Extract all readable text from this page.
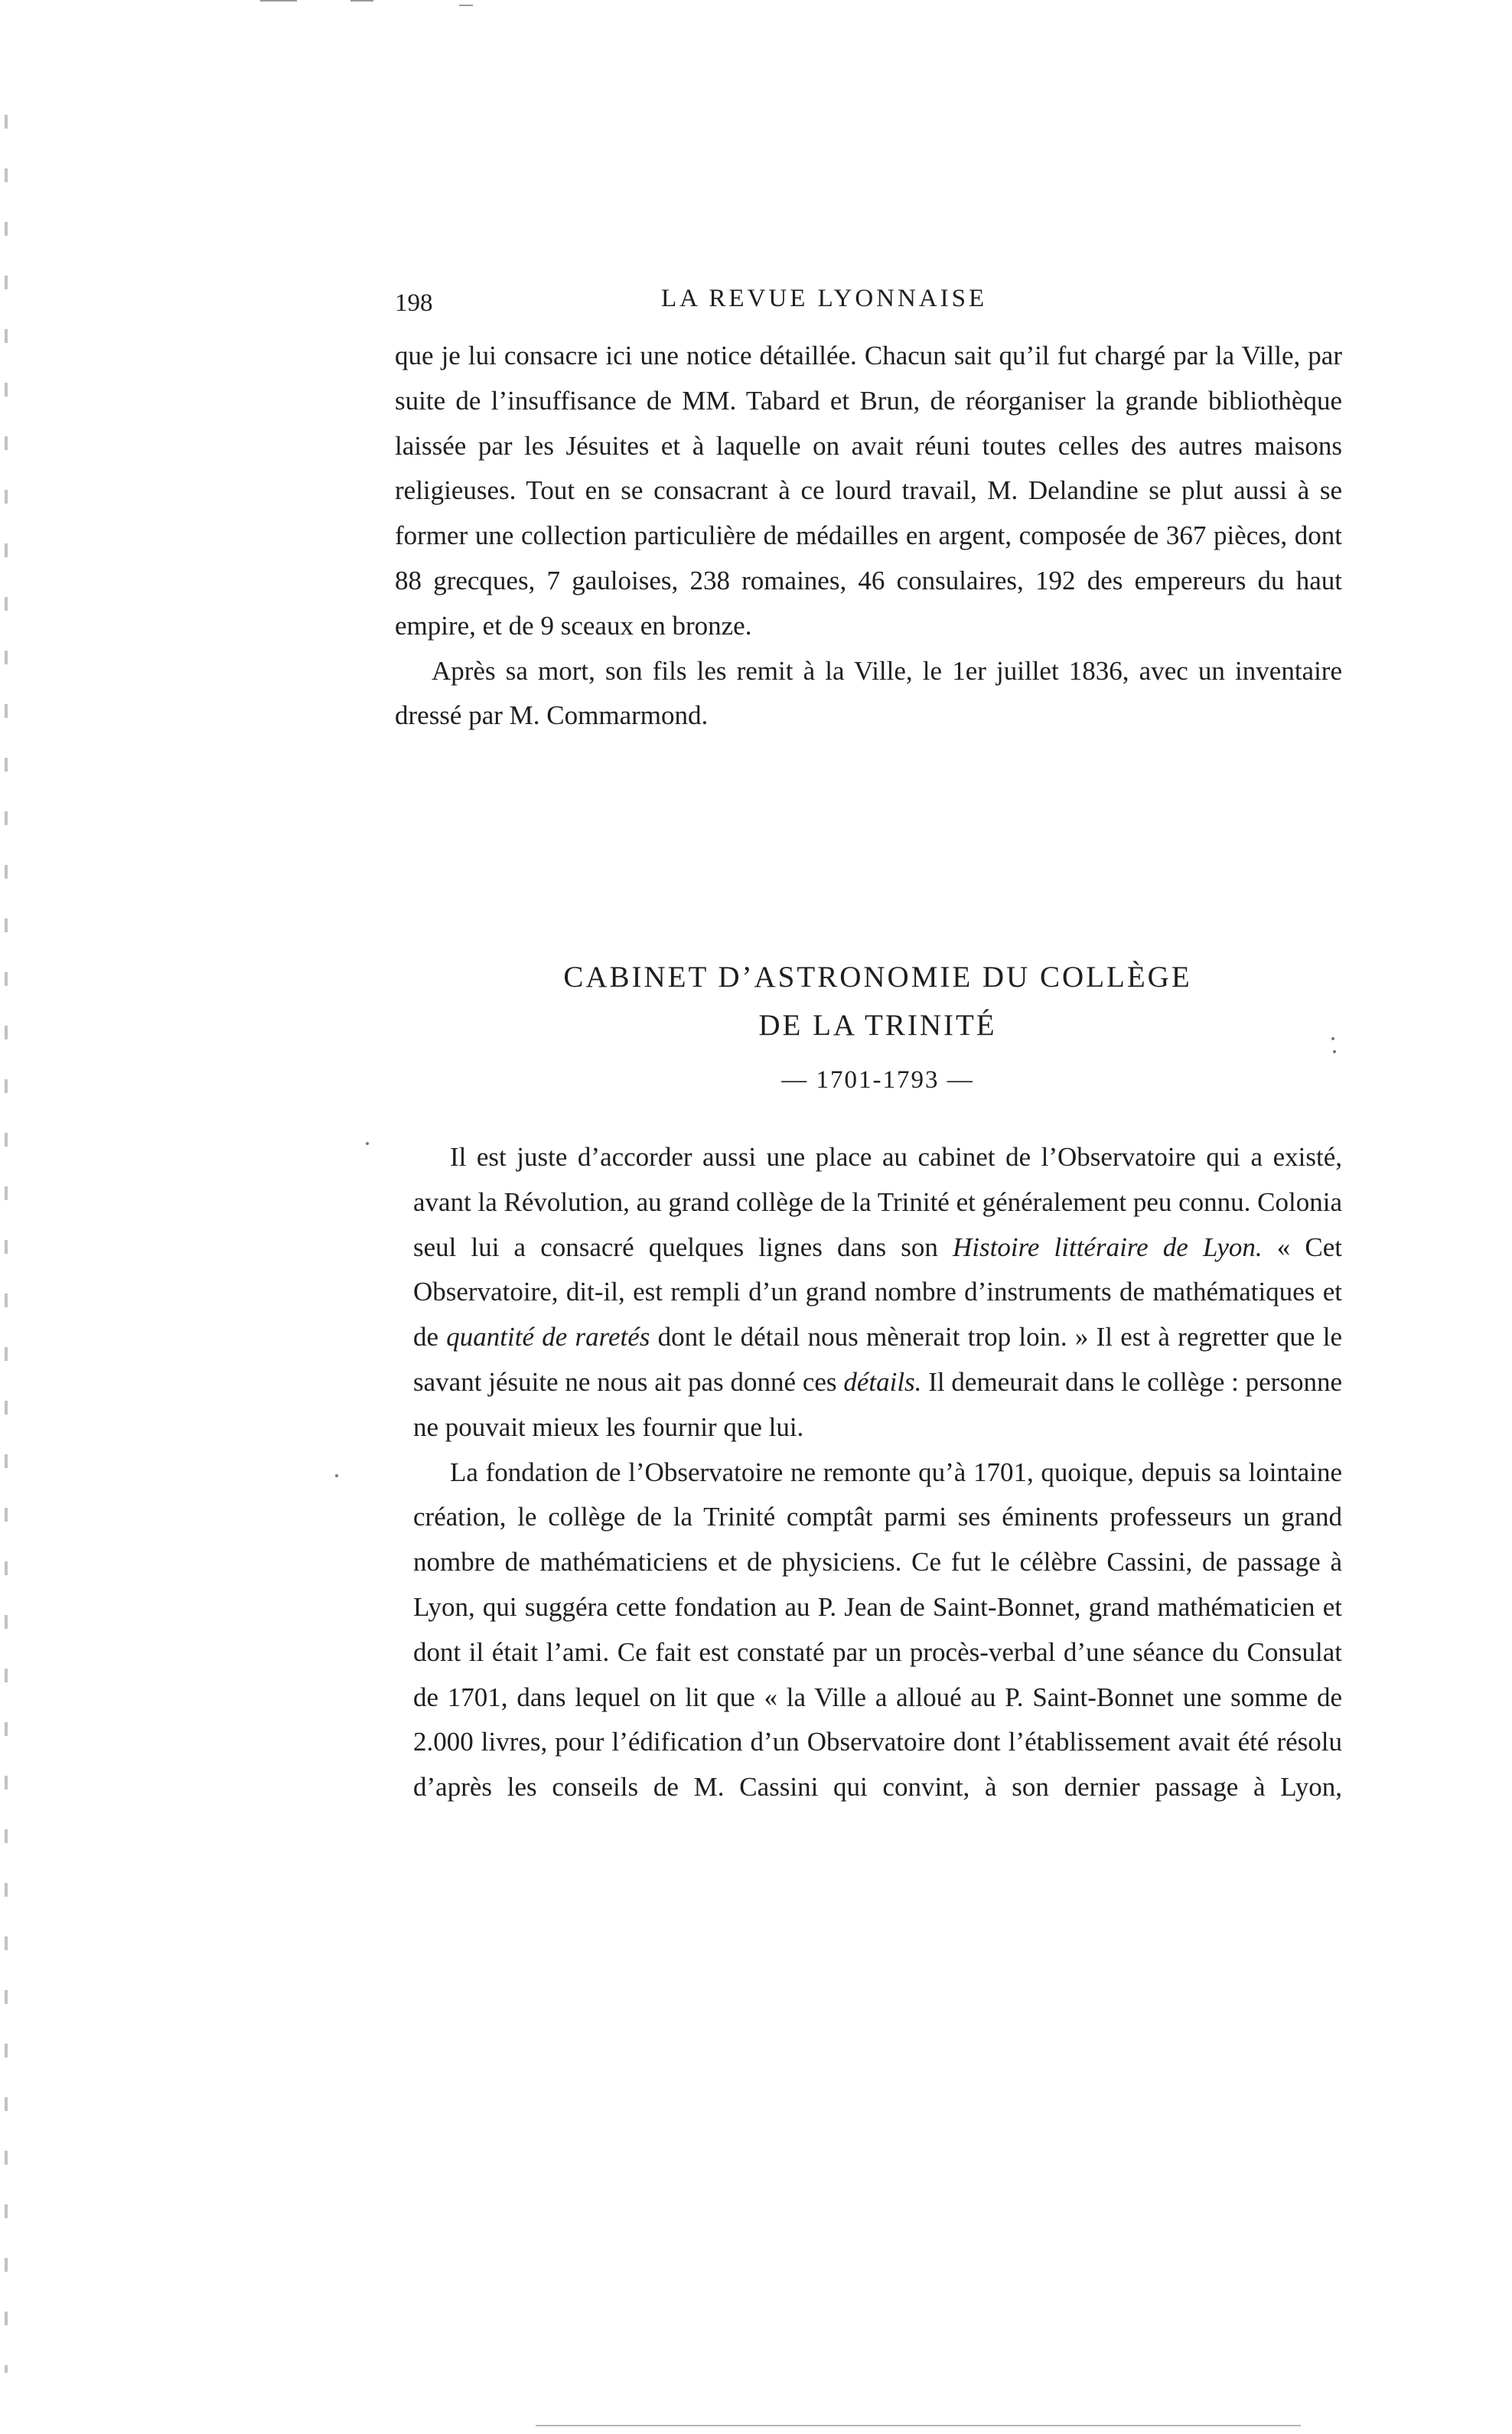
198	LA REVUE LYONNAISE

que je lui consacre ici une notice détaillée. Chacun sait qu’il fut chargé par la Ville, par suite de l’insuffisance de MM. Tabard et Brun, de réorganiser la grande bibliothèque laissée par les Jésuites et à laquelle on avait réuni toutes celles des autres maisons religieuses. Tout en se consacrant à ce lourd travail, M. Delandine se plut aussi à se former une collection particulière de médailles en argent, composée de 367 pièces, dont 88 grecques, 7 gauloises, 238 romaines, 46 consulaires, 192 des empereurs du haut empire, et de 9 sceaux en bronze.

Après sa mort, son fils les remit à la Ville, le 1er juillet 1836, avec un inventaire dressé par M. Commarmond.

CABINET D’ASTRONOMIE DU COLLÈGE
DE LA TRINITÉ
— 1701-1793 —

Il est juste d’accorder aussi une place au cabinet de l’Observatoire qui a existé, avant la Révolution, au grand collège de la Trinité et généralement peu connu. Colonia seul lui a consacré quelques lignes dans son Histoire littéraire de Lyon. « Cet Observatoire, dit-il, est rempli d’un grand nombre d’instruments de mathématiques et de quantité de raretés dont le détail nous mènerait trop loin. » Il est à regretter que le savant jésuite ne nous ait pas donné ces détails. Il demeurait dans le collège : personne ne pouvait mieux les fournir que lui.

La fondation de l’Observatoire ne remonte qu’à 1701, quoique, depuis sa lointaine création, le collège de la Trinité comptât parmi ses éminents professeurs un grand nombre de mathématiciens et de physiciens. Ce fut le célèbre Cassini, de passage à Lyon, qui suggéra cette fondation au P. Jean de Saint-Bonnet, grand mathématicien et dont il était l’ami. Ce fait est constaté par un procès-verbal d’une séance du Consulat de 1701, dans lequel on lit que « la Ville a alloué au P. Saint-Bonnet une somme de 2.000 livres, pour l’édification d’un Observatoire dont l’établissement avait été résolu d’après les conseils de M. Cassini qui convint, à son dernier passage à Lyon,
